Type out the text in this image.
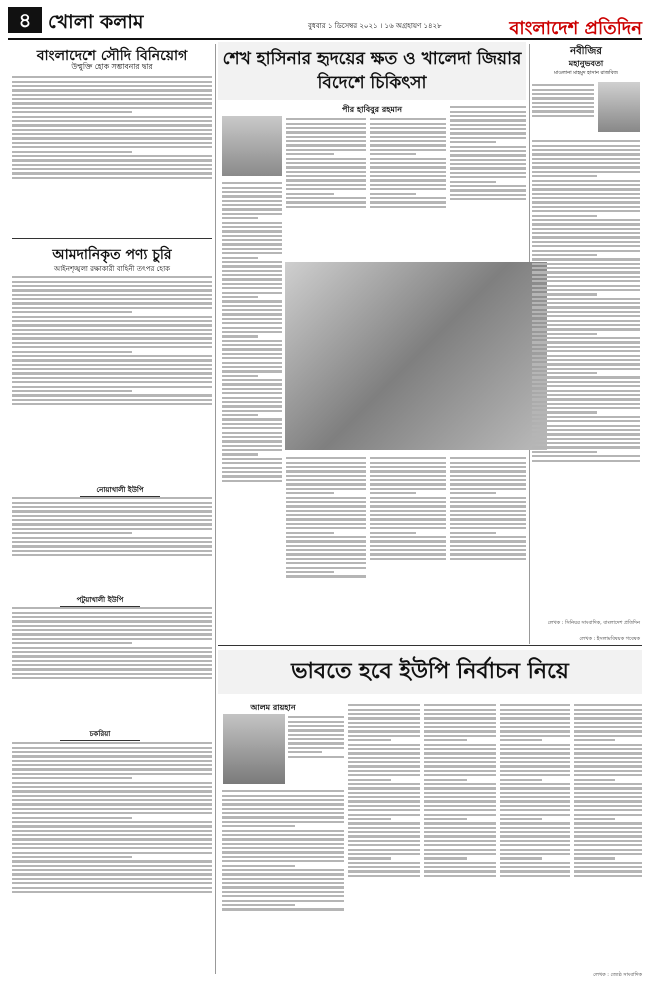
৪ খোলা কলাম	বুধবার ১ ডিসেম্বর ২০২১ । ১৬ অগ্রহায়ণ ১৪২৮	বাংলাদেশ প্রতিদিন
বাংলাদেশে সৌদি বিনিয়োগ
উন্মুক্তি হোক সম্ভাবনার দ্বার
আমদানিকৃত পণ্য চুরি
আইনশৃঙ্খলা রক্ষাকারী বাহিনী তৎপর হোক
নোয়াখালী ইউপি
পটুয়াখালী ইউপি
চকরিয়া
শেখ হাসিনার হৃদয়ের ক্ষত ও খালেদা জিয়ার বিদেশে চিকিৎসা
পীর হাবিবুর রহমান
লেখক : সিনিয়র সাংবাদিক, বাংলাদেশ প্রতিদিন
নবীজির
মহানুভবতা
মাওলানা মাহমুদ হাসান রাজবিজ
লেখক : ইসলামবিষয়ক গবেষক
ভাবতে হবে ইউপি নির্বাচন নিয়ে
আলম রায়হান
লেখক : জ্যেষ্ঠ সাংবাদিক
